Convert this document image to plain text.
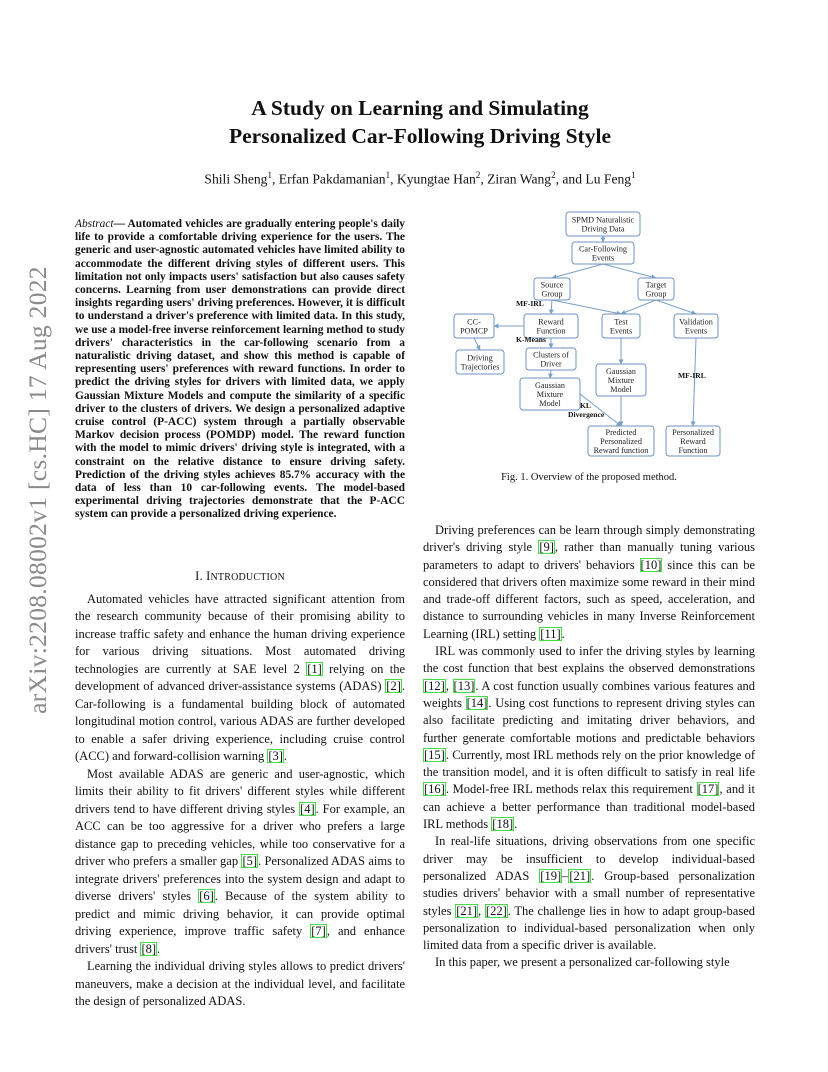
arXiv:2208.08002v1 [cs.HC] 17 Aug 2022
A Study on Learning and Simulating
Personalized Car-Following Driving Style
Shili Sheng$^1$, Erfan Pakdamanian$^1$, Kyungtae Han$^2$, Ziran Wang$^2$, and Lu Feng$^1$
Abstract— Automated vehicles are gradually entering people's daily life to provide a comfortable driving experience for the users. The generic and user-agnostic automated vehicles have limited ability to accommodate the different driving styles of different users. This limitation not only impacts users' satisfaction but also causes safety concerns. Learning from user demonstrations can provide direct insights regarding users' driving preferences. However, it is difficult to understand a driver's preference with limited data. In this study, we use a model-free inverse reinforcement learning method to study drivers' characteristics in the car-following scenario from a naturalistic driving dataset, and show this method is capable of representing users' preferences with reward functions. In order to predict the driving styles for drivers with limited data, we apply Gaussian Mixture Models and compute the similarity of a specific driver to the clusters of drivers. We design a personalized adaptive cruise control (P-ACC) system through a partially observable Markov decision process (POMDP) model. The reward function with the model to mimic drivers' driving style is integrated, with a constraint on the relative distance to ensure driving safety. Prediction of the driving styles achieves 85.7% accuracy with the data of less than 10 car-following events. The model-based experimental driving trajectories demonstrate that the P-ACC system can provide a personalized driving experience.
I. INTRODUCTION

Automated vehicles have attracted significant attention from the research community because of their promising ability to increase traffic safety and enhance the human driving experience for various driving situations. Most automated driving technologies are currently at SAE level 2 [1] relying on the development of advanced driver-assistance systems (ADAS) [2]. Car-following is a fundamental building block of automated longitudinal motion control, various ADAS are further developed to enable a safer driving experience, including cruise control (ACC) and forward-collision warning [3].

Most available ADAS are generic and user-agnostic, which limits their ability to fit drivers' different styles while different drivers tend to have different driving styles [4]. For example, an ACC can be too aggressive for a driver who prefers a large distance gap to preceding vehicles, while too conservative for a driver who prefers a smaller gap [5]. Personalized ADAS aims to integrate drivers' preferences into the system design and adapt to diverse drivers' styles [6]. Because of the system ability to predict and mimic driving behavior, it can provide optimal driving experience, improve traffic safety [7], and enhance drivers' trust [8].

Learning the individual driving styles allows to predict drivers' maneuvers, make a decision at the individual level, and facilitate the design of personalized ADAS.

SPMD Naturalistic
Driving Data
Car-Following
Events
Source
Group
Target
Group
CC-
POMCP
Reward
Function
Test
Events
Validation
Events
Driving
Trajectories
Clusters of
Driver
Gaussian
Mixture
Model
Gaussian
Mixture
Model
Predicted
Personalized
Reward function
Personalized
Reward
Function
MF-IRL
K-Means
KL
Divergence
MF-IRL
Fig. 1. Overview of the proposed method.

Driving preferences can be learn through simply demonstrating driver's driving style [9], rather than manually tuning various parameters to adapt to drivers' behaviors [10] since this can be considered that drivers often maximize some reward in their mind and trade-off different factors, such as speed, acceleration, and distance to surrounding vehicles in many Inverse Reinforcement Learning (IRL) setting [11].

IRL was commonly used to infer the driving styles by learning the cost function that best explains the observed demonstrations [12], [13]. A cost function usually combines various features and weights [14]. Using cost functions to represent driving styles can also facilitate predicting and imitating driver behaviors, and further generate comfortable motions and predictable behaviors [15]. Currently, most IRL methods rely on the prior knowledge of the transition model, and it is often difficult to satisfy in real life [16]. Model-free IRL methods relax this requirement [17], and it can achieve a better performance than traditional model-based IRL methods [18].

In real-life situations, driving observations from one specific driver may be insufficient to develop individual-based personalized ADAS [19]–[21]. Group-based personalization studies drivers' behavior with a small number of representative styles [21], [22]. The challenge lies in how to adapt group-based personalization to individual-based personalization when only limited data from a specific driver is available.

In this paper, we present a personalized car-following style
